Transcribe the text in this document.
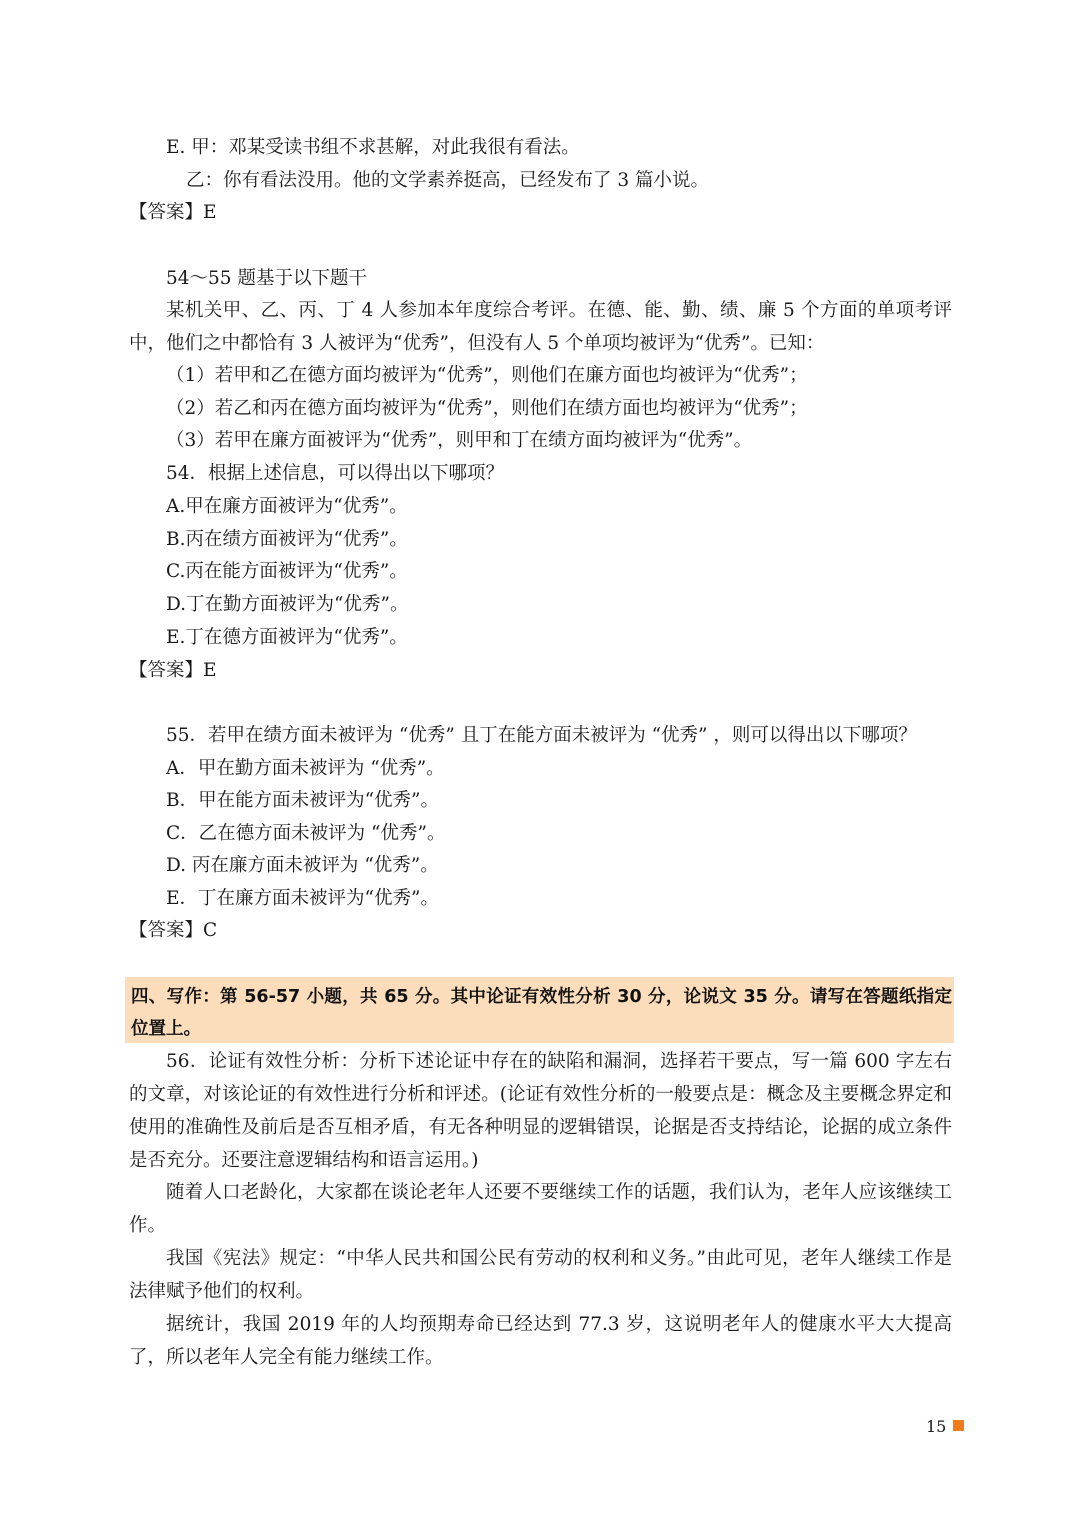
E. 甲：邓某受读书组不求甚解，对此我很有看法。
乙：你有看法没用。他的文学素养挺高，已经发布了 3 篇小说。
【答案】E
54～55 题基于以下题干
某机关甲、乙、丙、丁 4 人参加本年度综合考评。在德、能、勤、绩、廉 5 个方面的单项考评中，他们之中都恰有 3 人被评为“优秀”，但没有人 5 个单项均被评为“优秀”。已知：
（1）若甲和乙在德方面均被评为“优秀”，则他们在廉方面也均被评为“优秀”；
（2）若乙和丙在德方面均被评为“优秀”，则他们在绩方面也均被评为“优秀”；
（3）若甲在廉方面被评为“优秀”，则甲和丁在绩方面均被评为“优秀”。
54．根据上述信息，可以得出以下哪项？
A.甲在廉方面被评为“优秀”。
B.丙在绩方面被评为“优秀”。
C.丙在能方面被评为“优秀”。
D.丁在勤方面被评为“优秀”。
E.丁在德方面被评为“优秀”。
【答案】E
55．若甲在绩方面未被评为 “优秀” 且丁在能方面未被评为 “优秀” ，则可以得出以下哪项？
A．甲在勤方面未被评为 “优秀”。
B．甲在能方面未被评为“优秀”。
C．乙在德方面未被评为 “优秀”。
D. 丙在廉方面未被评为 “优秀”。
E．丁在廉方面未被评为“优秀”。
【答案】C
四、写作：第 56-57 小题，共 65 分。其中论证有效性分析 30 分，论说文 35 分。请写在答题纸指定位置上。
56．论证有效性分析：分析下述论证中存在的缺陷和漏洞，选择若干要点，写一篇 600 字左右的文章，对该论证的有效性进行分析和评述。(论证有效性分析的一般要点是：概念及主要概念界定和使用的准确性及前后是否互相矛盾，有无各种明显的逻辑错误，论据是否支持结论，论据的成立条件是否充分。还要注意逻辑结构和语言运用。)
随着人口老龄化，大家都在谈论老年人还要不要继续工作的话题，我们认为，老年人应该继续工作。
我国《宪法》规定：“中华人民共和国公民有劳动的权利和义务。”由此可见，老年人继续工作是法律赋予他们的权利。
据统计，我国 2019 年的人均预期寿命已经达到 77.3 岁，这说明老年人的健康水平大大提高了，所以老年人完全有能力继续工作。
15
